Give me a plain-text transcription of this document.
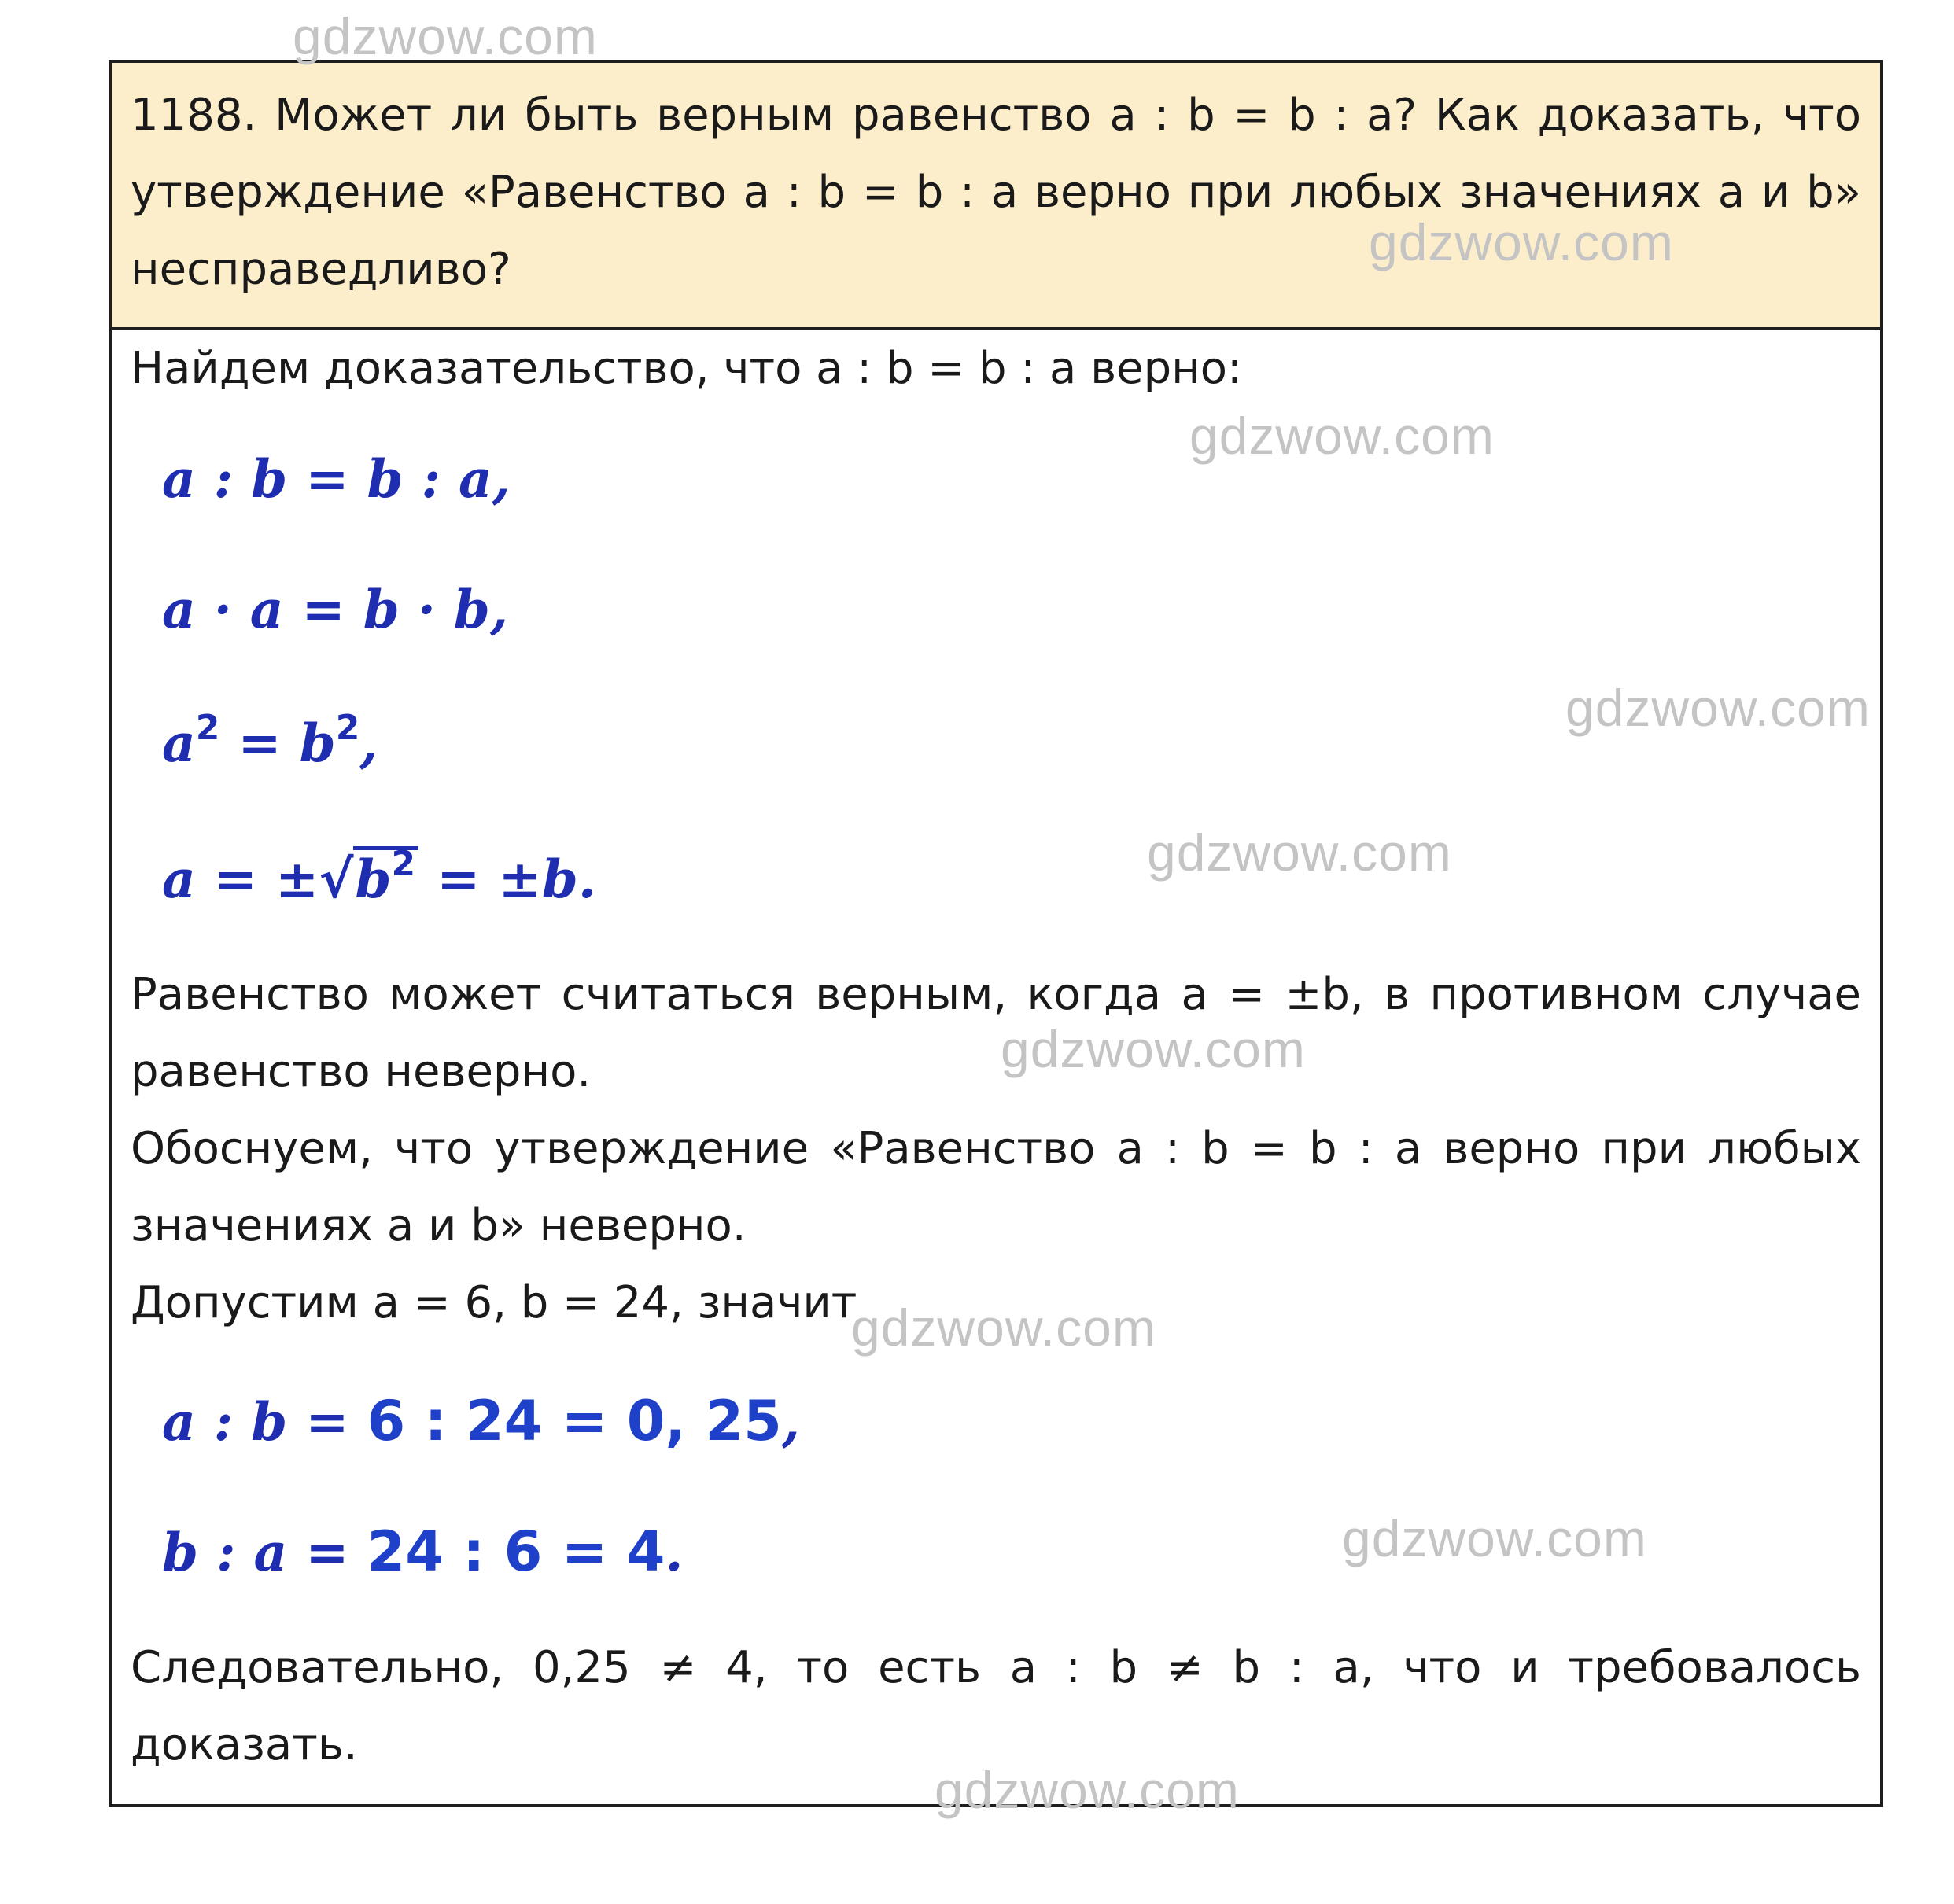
gdzwow.com

1188. Может ли быть верным равенство a : b = b : a? Как доказать, что утверждение «Равенство a : b = b : a верно при любых значениях a и b» несправедливо?

Найдем доказательство, что a : b = b : a верно:

a : b = b : a,
a · a = b · b,
$a^2 = b^2$,
$a = \pm√b^2 = \pm b$.

Равенство может считаться верным, когда a = ±b, в противном случае равенство неверно.

Обоснуем, что утверждение «Равенство a : b = b : a верно при любых значениях a и b» неверно.

Допустим a = 6, b = 24, значит

a : b = 6 : 24 = 0, 25,
b : a = 24 : 6 = 4.

Следовательно, 0,25 ≠ 4, то есть a : b ≠ b : a, что и требовалось доказать.

gdzwow.com
gdzwow.com
gdzwow.com
gdzwow.com
gdzwow.com
gdzwow.com
gdzwow.com
gdzwow.com
